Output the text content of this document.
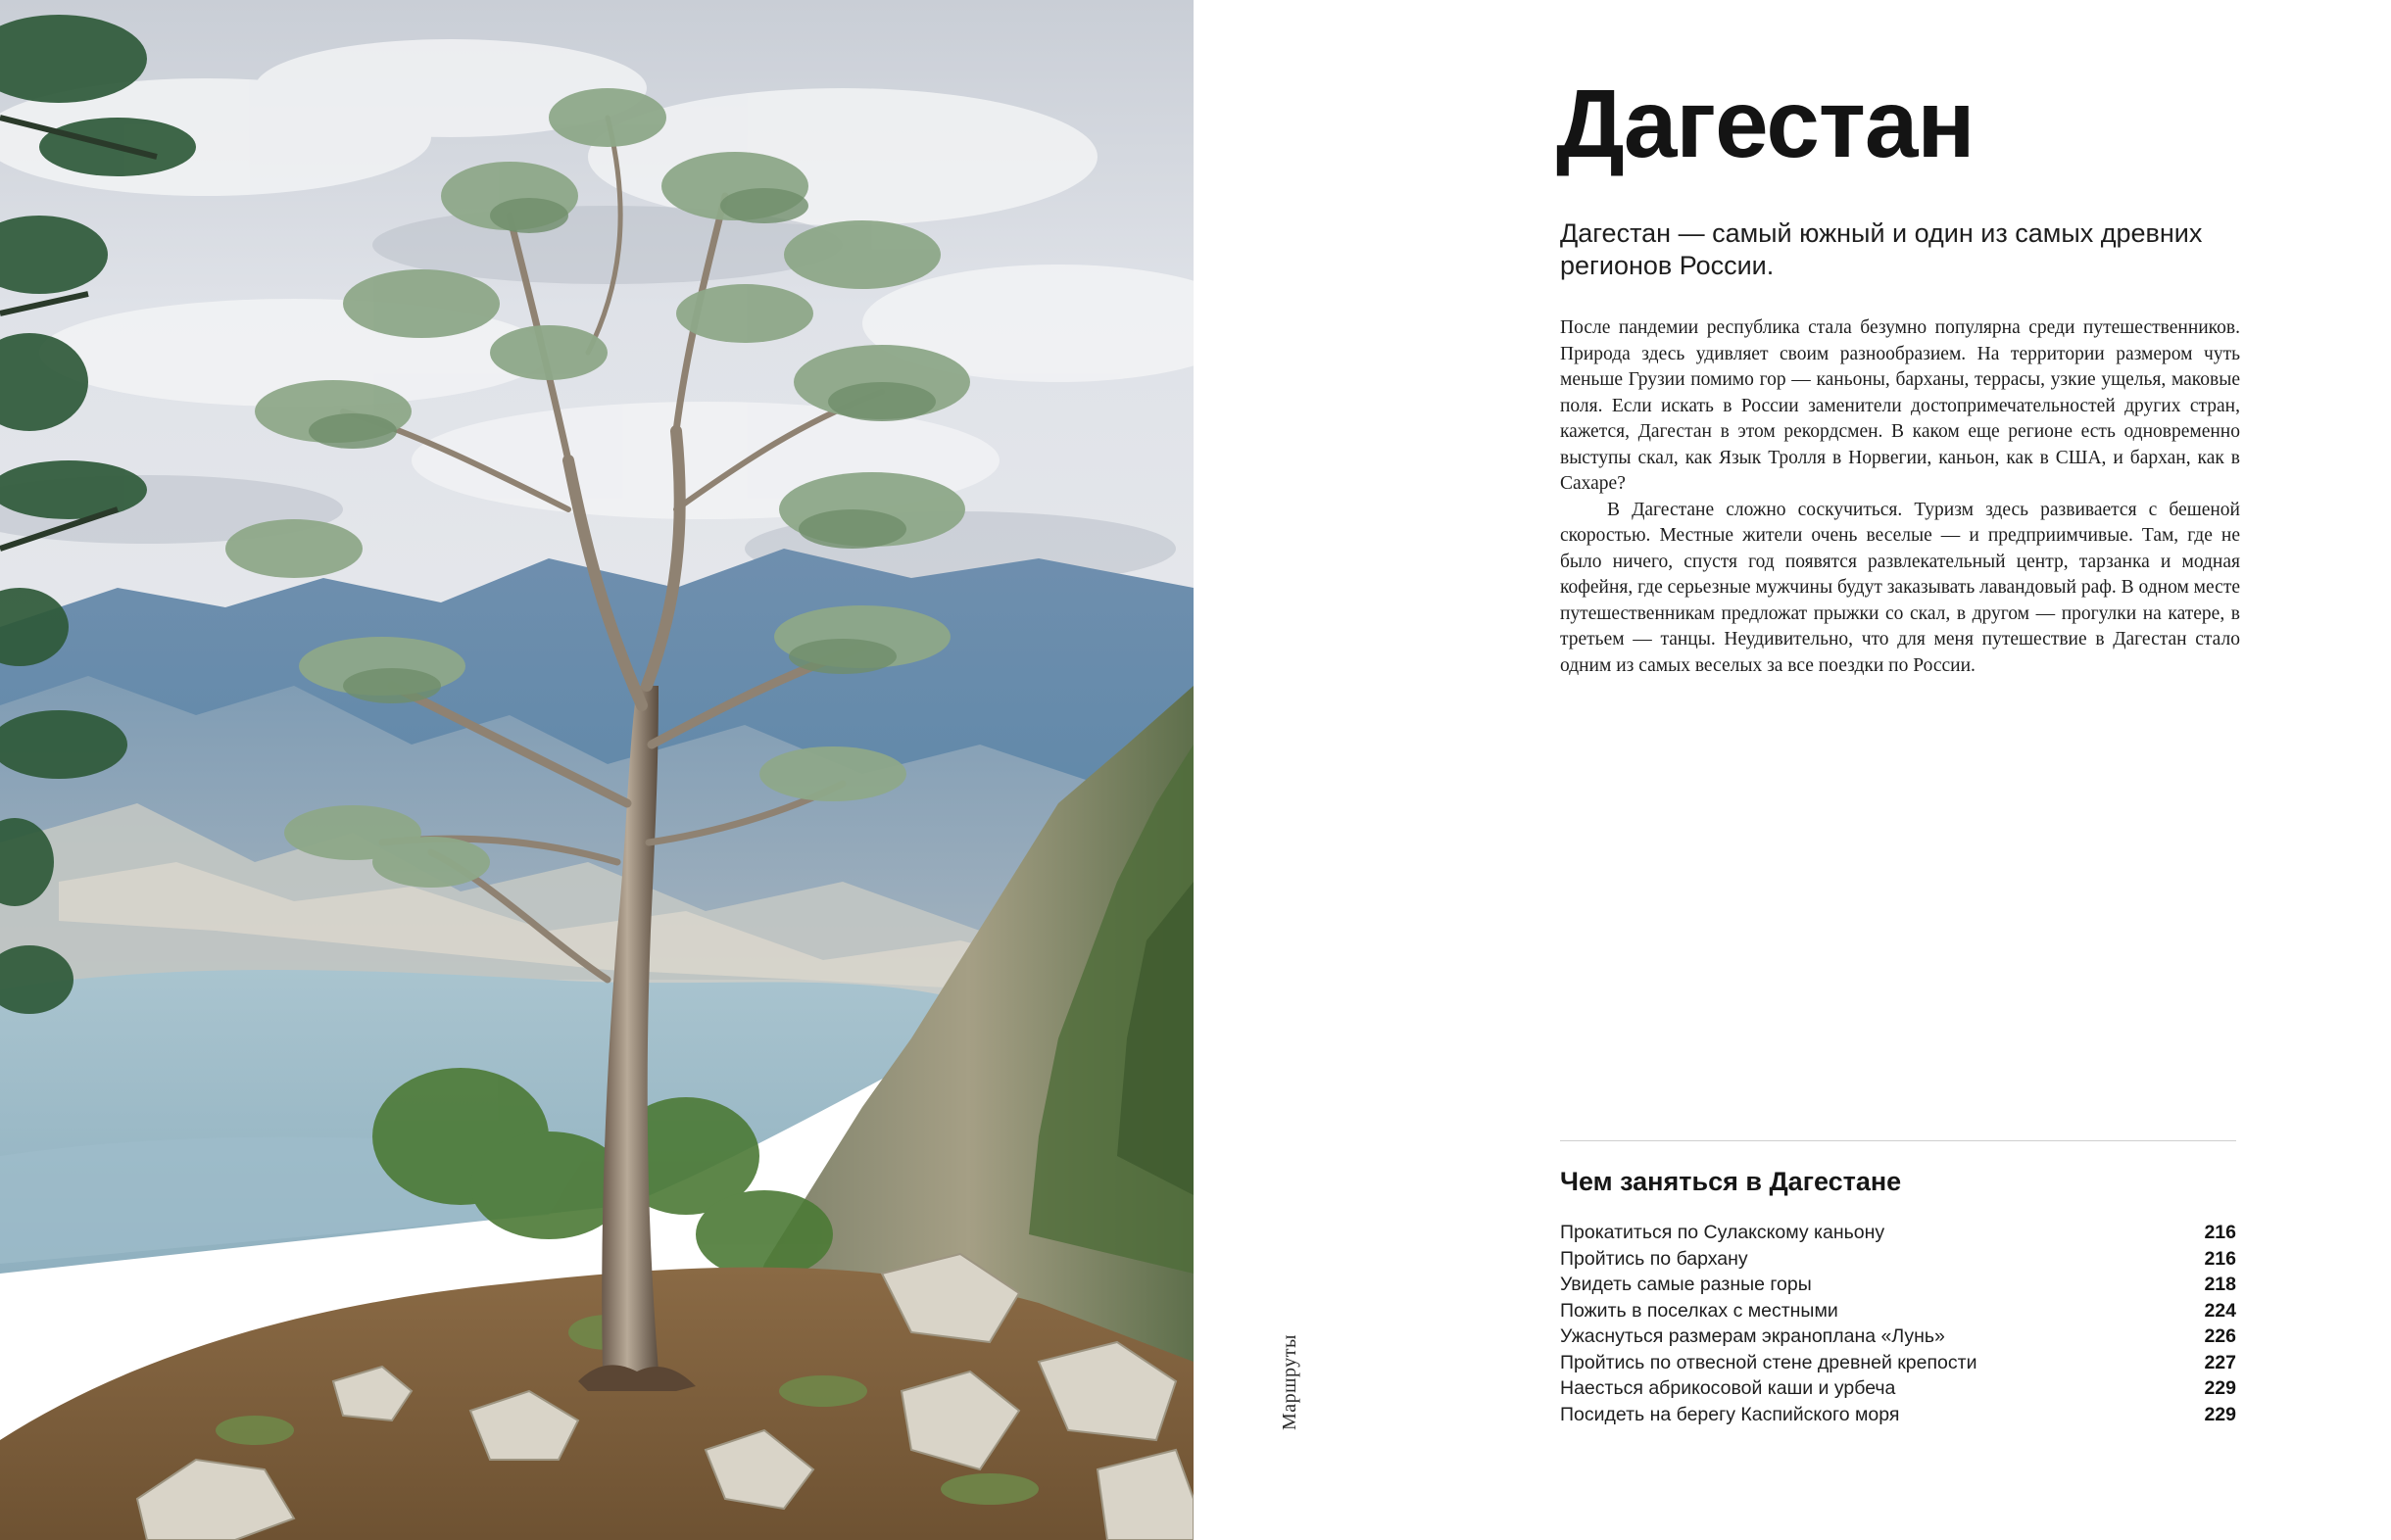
Маршруты
Дагестан

Дагестан — самый южный и один из самых древних регионов России.

После пандемии республика стала безумно популярна среди путешественников. Природа здесь удивляет своим разнообразием. На территории размером чуть меньше Грузии помимо гор — каньоны, барханы, террасы, узкие ущелья, маковые поля. Если искать в России заменители достопримечательностей других стран, кажется, Дагестан в этом рекордсмен. В каком еще регионе есть одновременно выступы скал, как Язык Тролля в Норвегии, каньон, как в США, и бархан, как в Сахаре?

В Дагестане сложно соскучиться. Туризм здесь развивается с бешеной скоростью. Местные жители очень веселые — и предприимчивые. Там, где не было ничего, спустя год появятся развлекательный центр, тарзанка и модная кофейня, где серьезные мужчины будут заказывать лавандовый раф. В одном месте путешественникам предложат прыжки со скал, в другом — прогулки на катере, в третьем — танцы. Неудивительно, что для меня путешествие в Дагестан стало одним из самых веселых за все поездки по России.

Чем заняться в Дагестане
Прокатиться по Сулакскому каньону	216
Пройтись по бархану	216
Увидеть самые разные горы	218
Пожить в поселках с местными	224
Ужаснуться размерам экраноплана «Лунь»	226
Пройтись по отвесной стене древней крепости	227
Наесться абрикосовой каши и урбеча	229
Посидеть на берегу Каспийского моря	229
